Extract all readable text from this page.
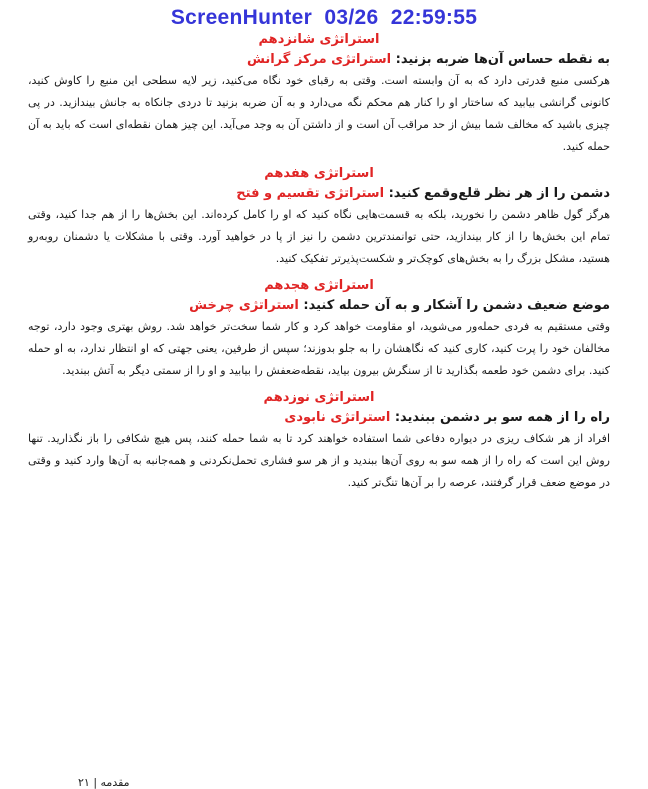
ScreenHunter  03/26  22:59:55

استراتژی شانزدهم

به نقطه حساس آن‌ها ضربه بزنید: استراتژی مرکز گرانش

هرکسی منبع قدرتی دارد که به آن وابسته است. وقتی به رقبای خود نگاه می‌کنید، زیر لایه سطحی این منبع را کاوش کنید، کانونی گرانشی بیابید که ساختار او را کنار هم محکم نگه می‌دارد و به آن ضربه بزنید تا دردی جانکاه به جانش بیندازید. در پی چیزی باشید که مخالف شما بیش از حد مراقب آن است و از داشتن آن به وجد می‌آید. این چیز همان نقطه‌ای است که باید به آن حمله کنید.

استراتژی هفدهم

دشمن را از هر نظر قلع‌وقمع کنید: استراتژی تقسیم و فتح

هرگز گول ظاهر دشمن را نخورید، بلکه به قسمت‌هایی نگاه کنید که او را کامل کرده‌اند. این بخش‌ها را از هم جدا کنید، وقتی تمام این بخش‌ها را از کار بیندازید، حتی توانمندترین دشمن را نیز از پا در خواهید آورد. وقتی با مشکلات یا دشمنان روبه‌رو هستید، مشکل بزرگ را به بخش‌های کوچک‌تر و شکست‌پذیرتر تفکیک کنید.

استراتژی هجدهم

موضع ضعیف دشمن را آشکار و به آن حمله کنید: استراتژی چرخش

وقتی مستقیم به فردی حمله‌ور می‌شوید، او مقاومت خواهد کرد و کار شما سخت‌تر خواهد شد. روش بهتری وجود دارد، توجه مخالفان خود را پرت کنید، کاری کنید که نگاهشان را به جلو بدوزند؛ سپس از طرفین، یعنی جهتی که او انتظار ندارد، به او حمله کنید. برای دشمن خود طعمه بگذارید تا از سنگرش بیرون بیاید، نقطه‌ضعفش را بیابید و او را از سمتی دیگر به آتش ببندید.

استراتژی نوزدهم

راه را از همه سو بر دشمن ببندید: استراتژی نابودی

افراد از هر شکاف ریزی در دیواره دفاعی شما استفاده خواهند کرد تا به شما حمله کنند، پس هیچ شکافی را باز نگذارید. تنها روش این است که راه را از همه سو به روی آن‌ها ببندید و از هر سو فشاری تحمل‌نکردنی و همه‌جانبه به آن‌ها وارد کنید و وقتی در موضع ضعف قرار گرفتند، عرصه را بر آن‌ها تنگ‌تر کنید.

مقدمه | ۲۱
